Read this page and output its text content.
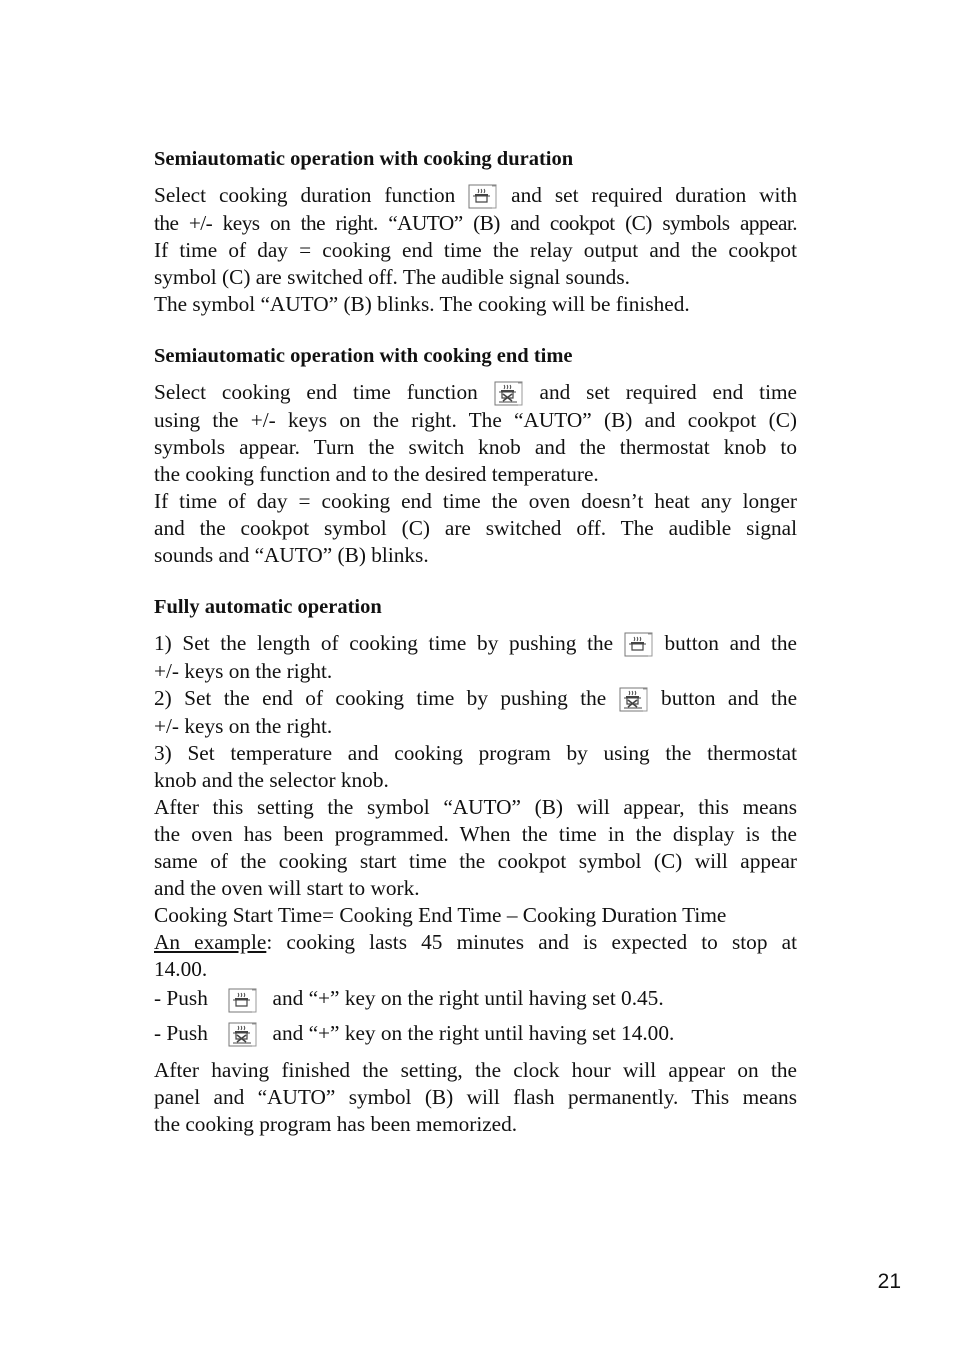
Semiautomatic operation with cooking duration

Select cooking duration function	and set required duration with

the +/- keys on the right. “AUTO” (B) and cookpot (C) symbols appear.

If time of day = cooking end time the relay output and the cookpot

symbol (C) are switched off. The audible signal sounds.

The symbol “AUTO” (B) blinks. The cooking will be finished.

Semiautomatic operation with cooking end time

Select cooking end time function	and set required end time

using the +/- keys on the right. The “AUTO” (B) and cookpot (C)

symbols appear. Turn the switch knob and the thermostat knob to

the cooking function and to the desired temperature.

If time of day = cooking end time the oven doesn’t heat any longer

and the cookpot symbol (C) are switched off. The audible signal

sounds and “AUTO” (B) blinks.

Fully automatic operation

1) Set the length of cooking time by pushing the button and the

+/- keys on the right.

2) Set the end of cooking time by pushing the	button and the

+/- keys on the right.

3) Set temperature and cooking program by using the thermostat

knob and the selector knob.

After this setting the symbol “AUTO” (B) will appear, this means

the oven has been programmed. When the time in the display is the

same of the cooking start time the cookpot symbol (C) will appear

and the oven will start to work.

Cooking Start Time= Cooking End Time – Cooking Duration Time

An example: cooking lasts 45 minutes and is expected to stop at

14.00.

- Push	and “+” key on the right until having set 0.45.

- Push	and “+” key on the right until having set 14.00.

After having finished the setting, the clock hour will appear on the

panel and “AUTO” symbol (B) will flash permanently. This means

the cooking program has been memorized.

21
